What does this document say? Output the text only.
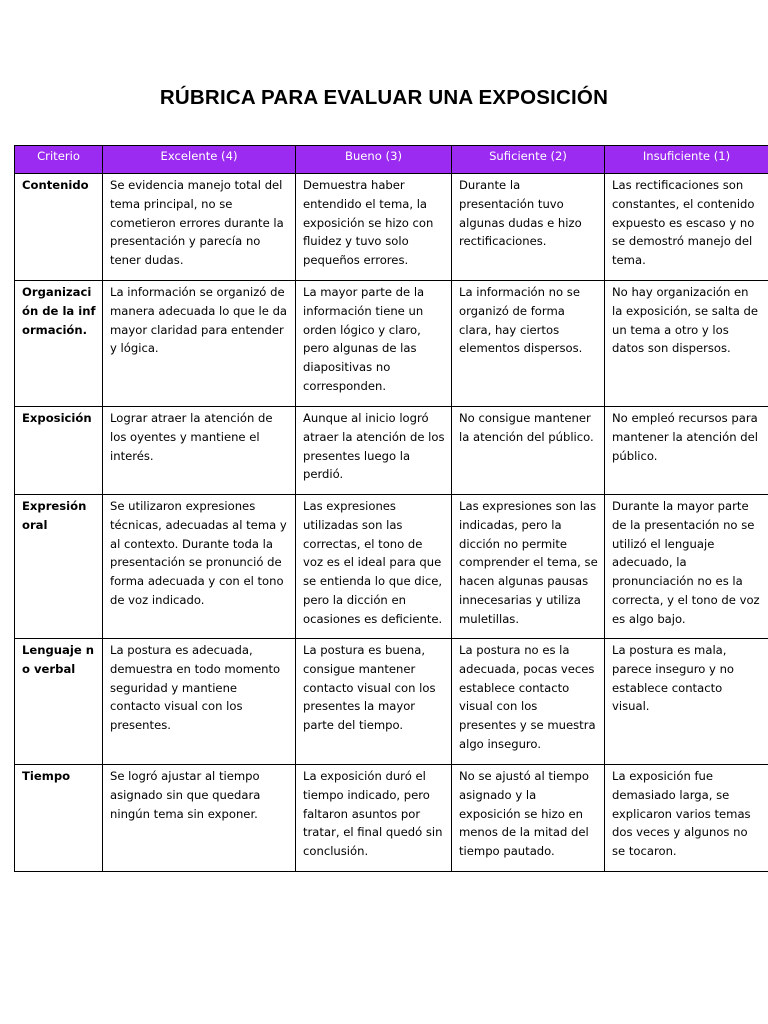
RÚBRICA PARA EVALUAR UNA EXPOSICIÓN
Criterio	Excelente (4)	Bueno (3)	Suficiente (2)	Insuficiente (1)
Contenido	Se evidencia manejo total del tema principal, no se cometieron errores durante la presentación y parecía no tener dudas.	Demuestra haber entendido el tema, la exposición se hizo con fluidez y tuvo solo pequeños errores.	Durante la presentación tuvo algunas dudas e hizo rectificaciones.	Las rectificaciones son constantes, el contenido expuesto es escaso y no se demostró manejo del tema.
Organización de la información.	La información se organizó de manera adecuada lo que le da mayor claridad para entender y lógica.	La mayor parte de la información tiene un orden lógico y claro, pero algunas de las diapositivas no corresponden.	La información no se organizó de forma clara, hay ciertos elementos dispersos.	No hay organización en la exposición, se salta de un tema a otro y los datos son dispersos.
Exposición	Lograr atraer la atención de los oyentes y mantiene el interés.	Aunque al inicio logró atraer la atención de los presentes luego la perdió.	No consigue mantener la atención del público.	No empleó recursos para mantener la atención del público.
Expresión oral	Se utilizaron expresiones técnicas, adecuadas al tema y al contexto. Durante toda la presentación se pronunció de forma adecuada y con el tono de voz indicado.	Las expresiones utilizadas son las correctas, el tono de voz es el ideal para que se entienda lo que dice, pero la dicción en ocasiones es deficiente.	Las expresiones son las indicadas, pero la dicción no permite comprender el tema, se hacen algunas pausas innecesarias y utiliza muletillas.	Durante la mayor parte de la presentación no se utilizó el lenguaje adecuado, la pronunciación no es la correcta, y el tono de voz es algo bajo.
Lenguaje no verbal	La postura es adecuada, demuestra en todo momento seguridad y mantiene contacto visual con los presentes.	La postura es buena, consigue mantener contacto visual con los presentes la mayor parte del tiempo.	La postura no es la adecuada, pocas veces establece contacto visual con los presentes y se muestra algo inseguro.	La postura es mala, parece inseguro y no establece contacto visual.
Tiempo	Se logró ajustar al tiempo asignado sin que quedara ningún tema sin exponer.	La exposición duró el tiempo indicado, pero faltaron asuntos por tratar, el final quedó sin conclusión.	No se ajustó al tiempo asignado y la exposición se hizo en menos de la mitad del tiempo pautado.	La exposición fue demasiado larga, se explicaron varios temas dos veces y algunos no se tocaron.
